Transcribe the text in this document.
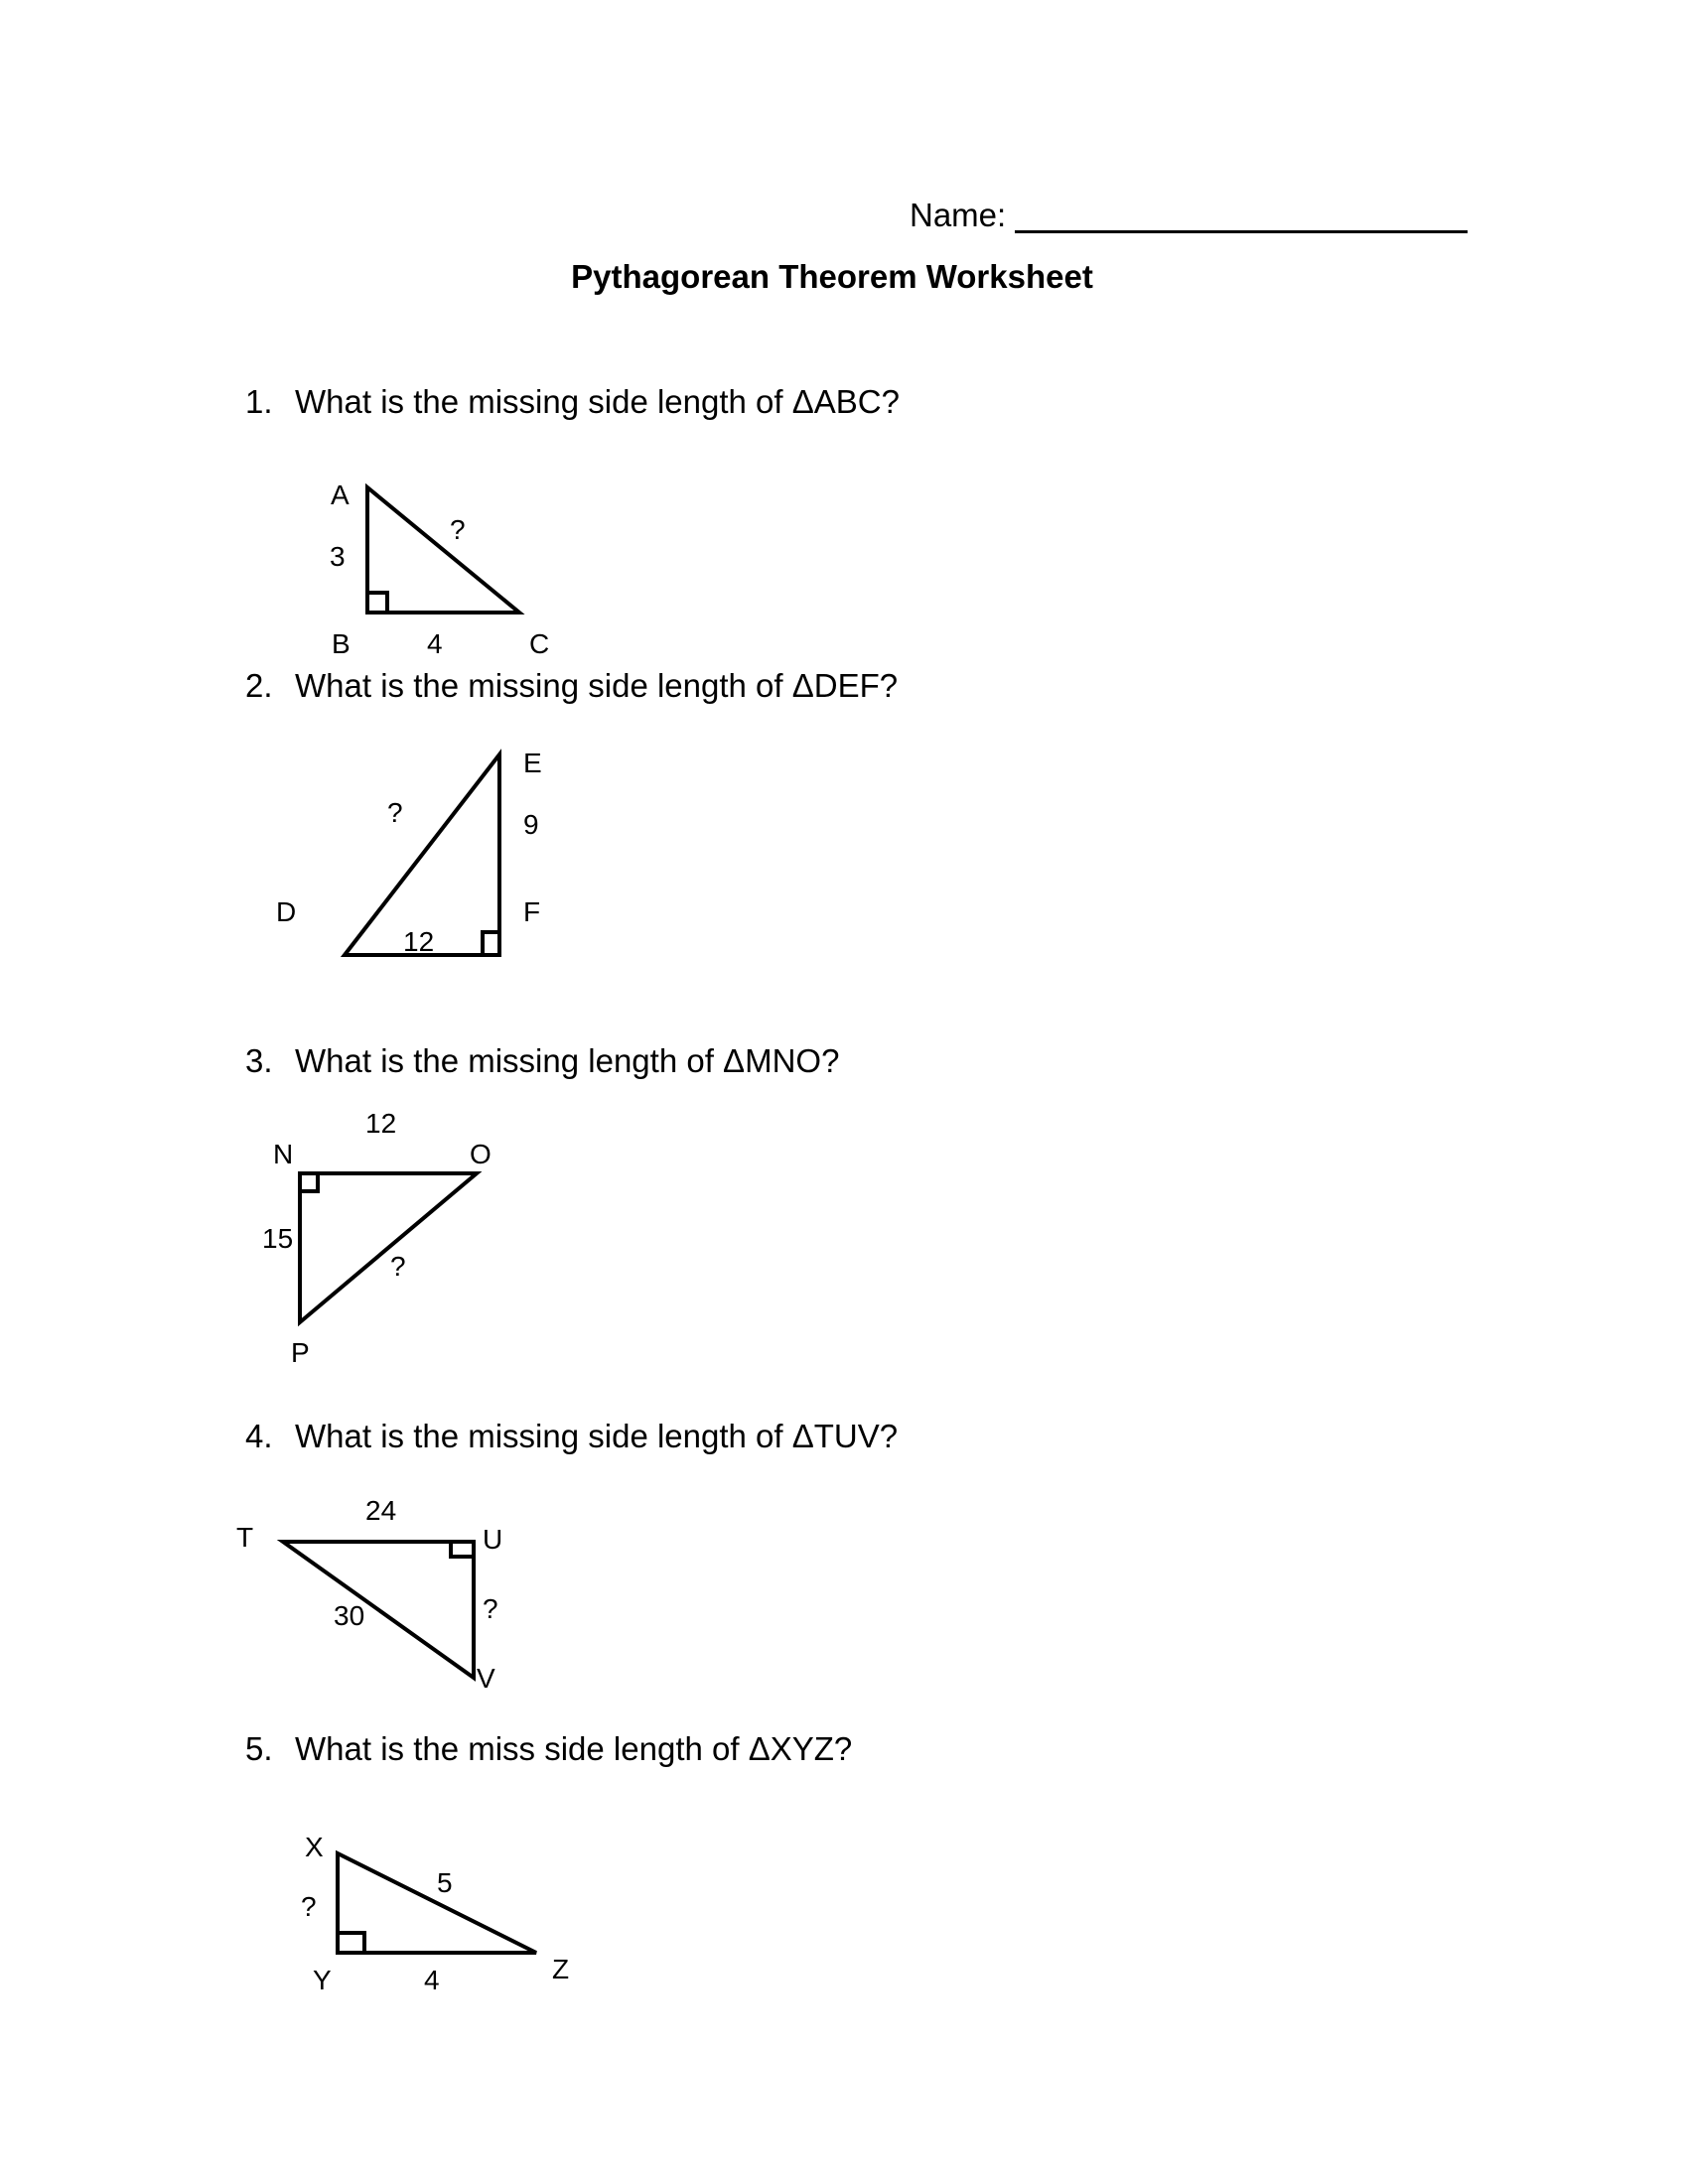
Name:
Pythagorean Theorem Worksheet
1. What is the missing side length of ΔABC?
2. What is the missing side length of ΔDEF?
3. What is the missing length of ΔMNO?
4. What is the missing side length of ΔTUV?
5. What is the miss side length of ΔXYZ?
A
3
?
B	4	C
E
?	9
D	F
12
12
N	O
15
?
P
24
T	U
?
30
V
X
5
?
Z
Y	4
